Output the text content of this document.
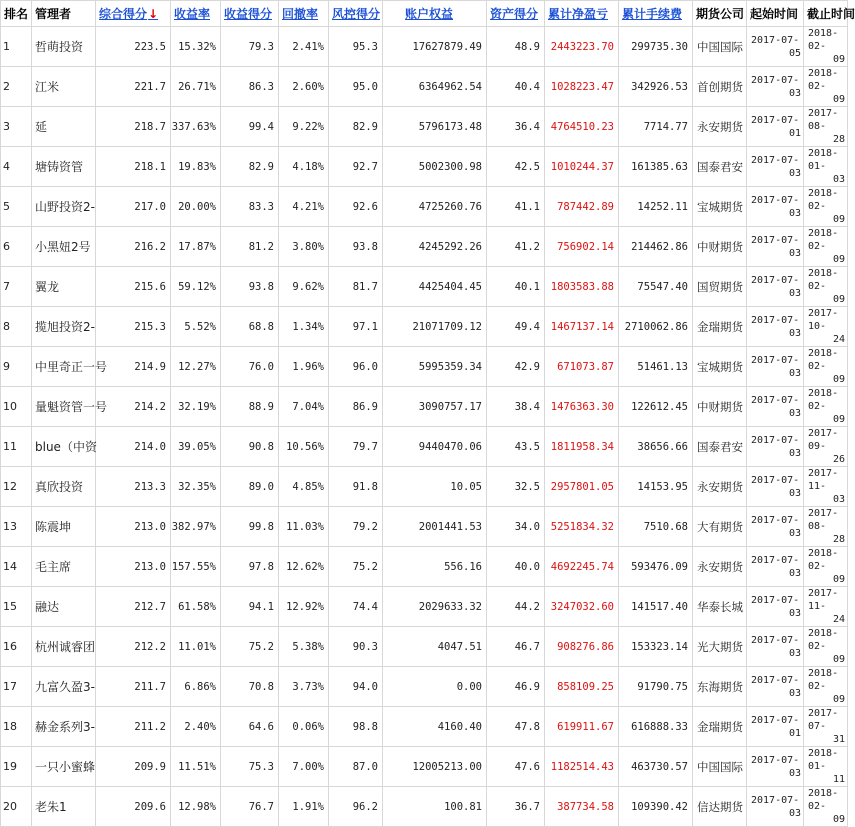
排名	管理者	综合得分↓	收益率	收益得分	回撤率	风控得分	账户权益	资产得分	累计净盈亏	累计手续费	期货公司	起始时间	截止时间
1	哲萌投资	223.5	15.32%	79.3	2.41%	95.3	17627879.49	48.9	2443223.70	299735.30	中国国际	2017-07-
05	2018-02-
09

2	江米	221.7	26.71%	86.3	2.60%	95.0	6364962.54	40.4	1028223.47	342926.53	首创期货	2017-07-
03	2018-02-
09

3	延	218.7	337.63%	99.4	9.22%	82.9	5796173.48	36.4	4764510.23	7714.77	永安期货	2017-07-
01	2017-08-
28

4	塘铸资管	218.1	19.83%	82.9	4.18%	92.7	5002300.98	42.5	1010244.37	161385.63	国泰君安	2017-07-
03	2018-01-
03

5	山野投资2-	217.0	20.00%	83.3	4.21%	92.6	4725260.76	41.1	787442.89	14252.11	宝城期货	2017-07-
03	2018-02-
09

6	小黑妞2号	216.2	17.87%	81.2	3.80%	93.8	4245292.26	41.2	756902.14	214462.86	中财期货	2017-07-
03	2018-02-
09

7	翼龙	215.6	59.12%	93.8	9.62%	81.7	4425404.45	40.1	1803583.88	75547.40	国贸期货	2017-07-
03	2018-02-
09

8	揽旭投资2-	215.3	5.52%	68.8	1.34%	97.1	21071709.12	49.4	1467137.14	2710062.86	金瑞期货	2017-07-
03	2017-10-
24

9	中里奇正一号	214.9	12.27%	76.0	1.96%	96.0	5995359.34	42.9	671073.87	51461.13	宝城期货	2017-07-
03	2018-02-
09

10	量魁资管一号	214.2	32.19%	88.9	7.04%	86.9	3090757.17	38.4	1476363.30	122612.45	中财期货	2017-07-
03	2018-02-
09

11	blue（中资	214.0	39.05%	90.8	10.56%	79.7	9440470.06	43.5	1811958.34	38656.66	国泰君安	2017-07-
03	2017-09-
26

12	真欣投资	213.3	32.35%	89.0	4.85%	91.8	10.05	32.5	2957801.05	14153.95	永安期货	2017-07-
03	2017-11-
03

13	陈震坤	213.0	382.97%	99.8	11.03%	79.2	2001441.53	34.0	5251834.32	7510.68	大有期货	2017-07-
03	2017-08-
28

14	毛主席	213.0	157.55%	97.8	12.62%	75.2	556.16	40.0	4692245.74	593476.09	永安期货	2017-07-
03	2018-02-
09

15	融达	212.7	61.58%	94.1	12.92%	74.4	2029633.32	44.2	3247032.60	141517.40	华泰长城	2017-07-
03	2017-11-
24

16	杭州诚睿团	212.2	11.01%	75.2	5.38%	90.3	4047.51	46.7	908276.86	153323.14	光大期货	2017-07-
03	2018-02-
09

17	九富久盈3-	211.7	6.86%	70.8	3.73%	94.0	0.00	46.9	858109.25	91790.75	东海期货	2017-07-
03	2018-02-
09

18	赫金系列3-	211.2	2.40%	64.6	0.06%	98.8	4160.40	47.8	619911.67	616888.33	金瑞期货	2017-07-
01	2017-07-
31

19	一只小蜜蜂	209.9	11.51%	75.3	7.00%	87.0	12005213.00	47.6	1182514.43	463730.57	中国国际	2017-07-
03	2018-01-
11

20	老朱1	209.6	12.98%	76.7	1.91%	96.2	100.81	36.7	387734.58	109390.42	信达期货	2017-07-
03	2018-02-
09
